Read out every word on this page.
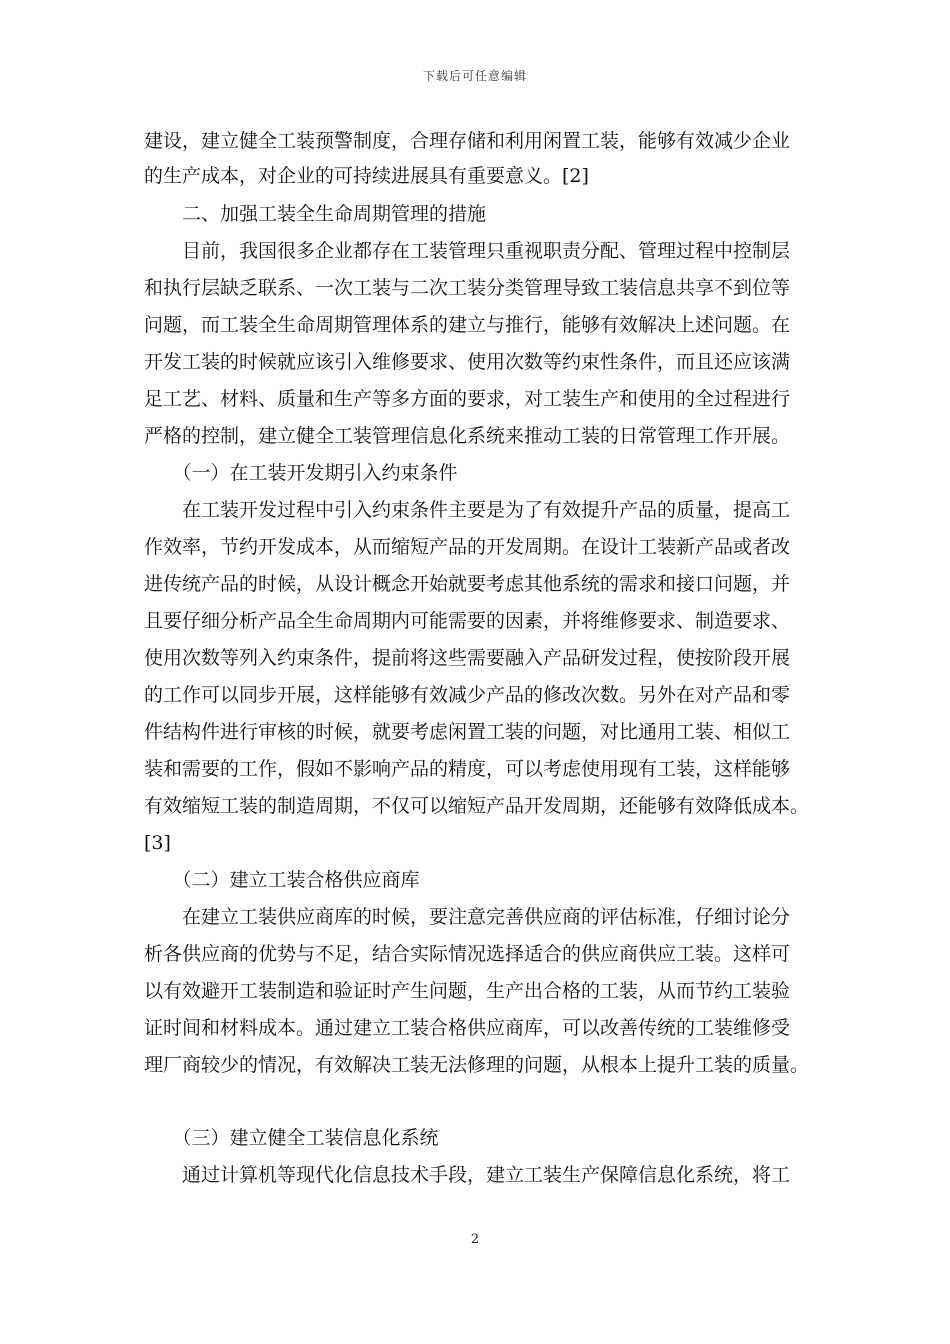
下载后可任意编辑
建设，建立健全工装预警制度，合理存储和利用闲置工装，能够有效减少企业
的生产成本，对企业的可持续进展具有重要意义。[2]
　　二、加强工装全生命周期管理的措施
　　目前，我国很多企业都存在工装管理只重视职责分配、管理过程中控制层
和执行层缺乏联系、一次工装与二次工装分类管理导致工装信息共享不到位等
问题，而工装全生命周期管理体系的建立与推行，能够有效解决上述问题。在
开发工装的时候就应该引入维修要求、使用次数等约束性条件，而且还应该满
足工艺、材料、质量和生产等多方面的要求，对工装生产和使用的全过程进行
严格的控制，建立健全工装管理信息化系统来推动工装的日常管理工作开展。
　　（一）在工装开发期引入约束条件
　　在工装开发过程中引入约束条件主要是为了有效提升产品的质量，提高工
作效率，节约开发成本，从而缩短产品的开发周期。在设计工装新产品或者改
进传统产品的时候，从设计概念开始就要考虑其他系统的需求和接口问题，并
且要仔细分析产品全生命周期内可能需要的因素，并将维修要求、制造要求、
使用次数等列入约束条件，提前将这些需要融入产品研发过程，使按阶段开展
的工作可以同步开展，这样能够有效减少产品的修改次数。另外在对产品和零
件结构件进行审核的时候，就要考虑闲置工装的问题，对比通用工装、相似工
装和需要的工作，假如不影响产品的精度，可以考虑使用现有工装，这样能够
有效缩短工装的制造周期，不仅可以缩短产品开发周期，还能够有效降低成本。
[3]
　　（二）建立工装合格供应商库
　　在建立工装供应商库的时候，要注意完善供应商的评估标准，仔细讨论分
析各供应商的优势与不足，结合实际情况选择适合的供应商供应工装。这样可
以有效避开工装制造和验证时产生问题，生产出合格的工装，从而节约工装验
证时间和材料成本。通过建立工装合格供应商库，可以改善传统的工装维修受
理厂商较少的情况，有效解决工装无法修理的问题，从根本上提升工装的质量。
　　（三）建立健全工装信息化系统
　　通过计算机等现代化信息技术手段，建立工装生产保障信息化系统，将工
2
